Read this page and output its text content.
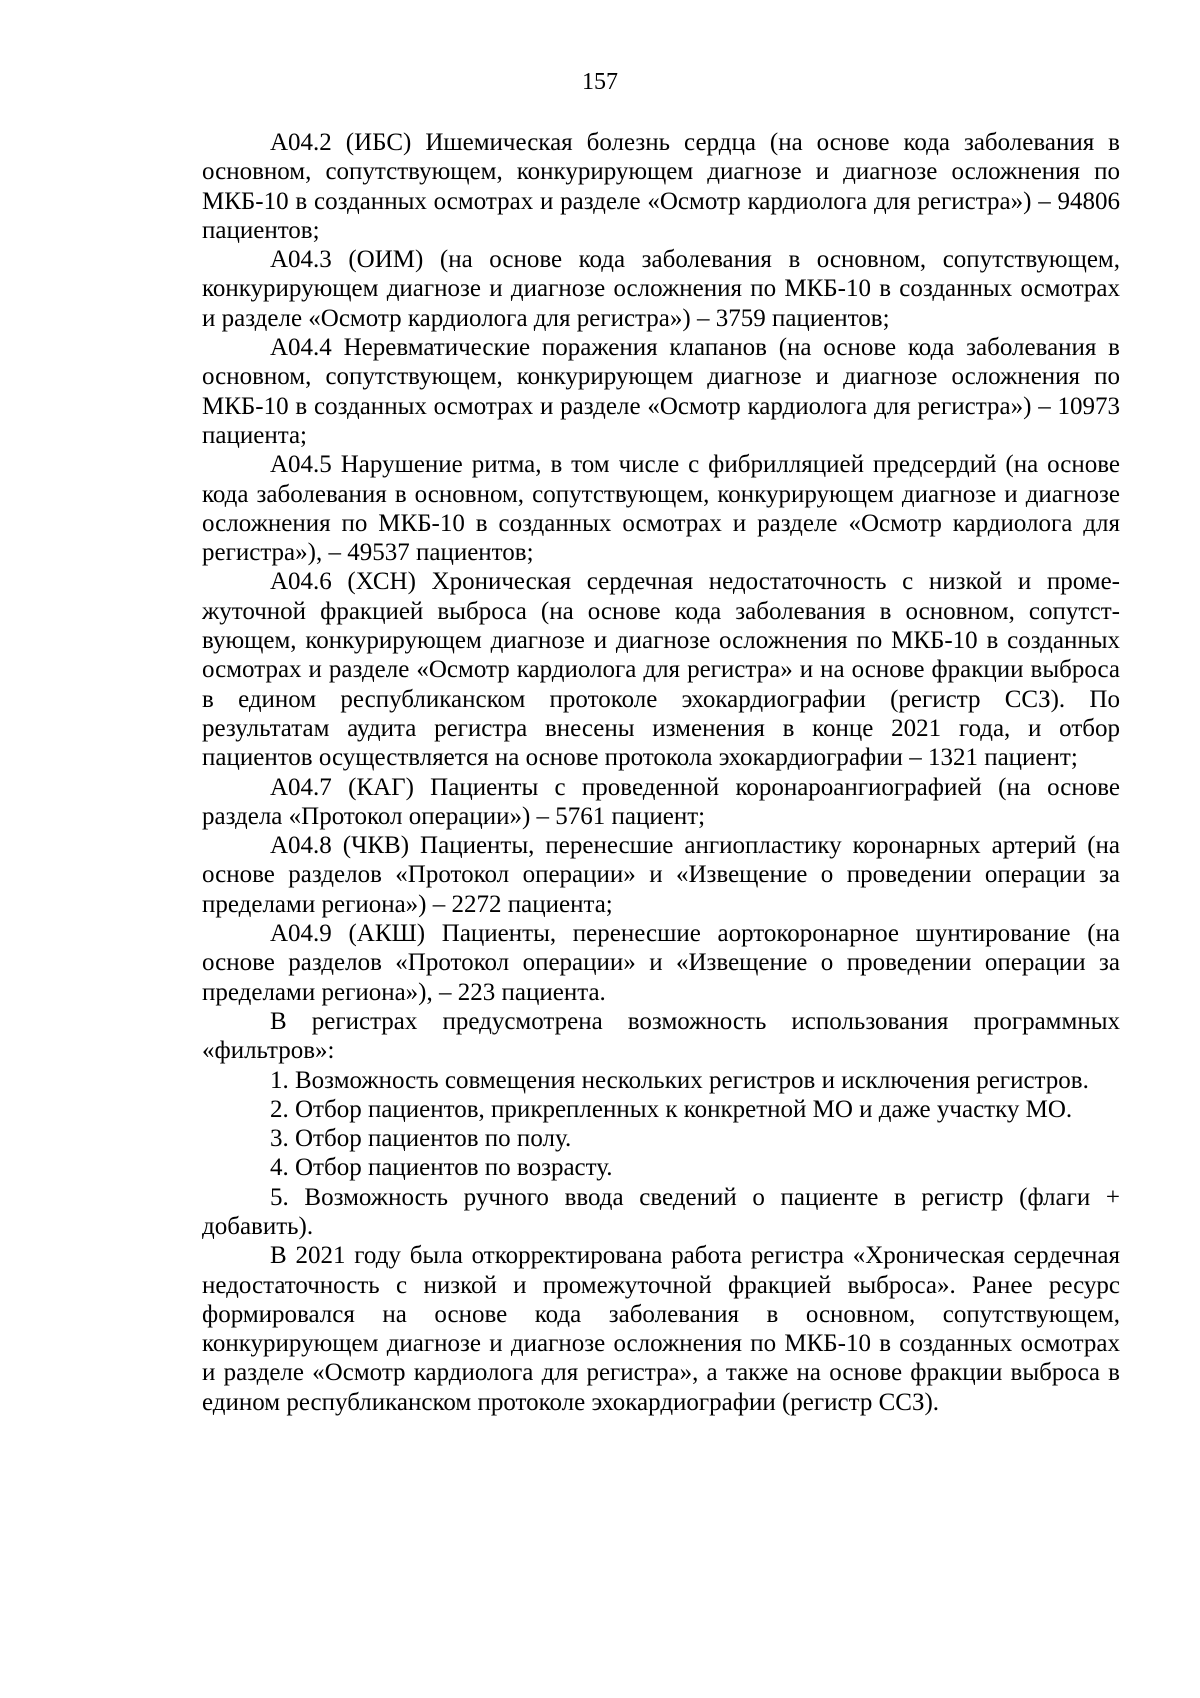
157

А04.2 (ИБС) Ишемическая болезнь сердца (на основе кода заболевания в основном, сопутствующем, конкурирующем диагнозе и диагнозе осложнения по МКБ-10 в созданных осмотрах и разделе «Осмотр кардиолога для регистра») – 94806 пациентов;

А04.3 (ОИМ) (на основе кода заболевания в основном, сопутствующем, конкурирующем диагнозе и диагнозе осложнения по МКБ-10 в созданных осмотрах и разделе «Осмотр кардиолога для регистра») – 3759 пациентов;

А04.4 Неревматические поражения клапанов (на основе кода заболевания в основном, сопутствующем, конкурирующем диагнозе и диагнозе осложнения по МКБ-10 в созданных осмотрах и разделе «Осмотр кардиолога для регистра») – 10973 пациента;

А04.5 Нарушение ритма, в том числе с фибрилляцией предсердий (на основе кода заболевания в основном, сопутствующем, конкурирующем диагнозе и диагнозе осложнения по МКБ-10 в созданных осмотрах и разделе «Осмотр кардиолога для регистра»), – 49537 пациентов;

А04.6 (ХСН) Хроническая сердечная недостаточность с низкой и промежуточной фракцией выброса (на основе кода заболевания в основном, сопутствующем, конкурирующем диагнозе и диагнозе осложнения по МКБ-10 в созданных осмотрах и разделе «Осмотр кардиолога для регистра» и на основе фракции выброса в едином республиканском протоколе эхокардиографии (регистр ССЗ). По результатам аудита регистра внесены изменения в конце 2021 года, и отбор пациентов осуществляется на основе протокола эхокардиографии – 1321 пациент;

А04.7 (КАГ) Пациенты с проведенной коронароангиографией (на основе раздела «Протокол операции») – 5761 пациент;

А04.8 (ЧКВ) Пациенты, перенесшие ангиопластику коронарных артерий (на основе разделов «Протокол операции» и «Извещение о проведении операции за пределами региона») – 2272 пациента;

А04.9 (АКШ) Пациенты, перенесшие аортокоронарное шунтирование (на основе разделов «Протокол операции» и «Извещение о проведении операции за пределами региона»), – 223 пациента.

В регистрах предусмотрена возможность использования программных «фильтров»:

1. Возможность совмещения нескольких регистров и исключения регистров.

2. Отбор пациентов, прикрепленных к конкретной МО и даже участку МО.

3. Отбор пациентов по полу.

4. Отбор пациентов по возрасту.

5. Возможность ручного ввода сведений о пациенте в регистр (флаги + добавить).

В 2021 году была откорректирована работа регистра «Хроническая сердечная недостаточность с низкой и промежуточной фракцией выброса». Ранее ресурс формировался на основе кода заболевания в основном, сопутствующем, конкурирующем диагнозе и диагнозе осложнения по МКБ-10 в созданных осмотрах и разделе «Осмотр кардиолога для регистра», а также на основе фракции выброса в едином республиканском протоколе эхокардиографии (регистр ССЗ).
